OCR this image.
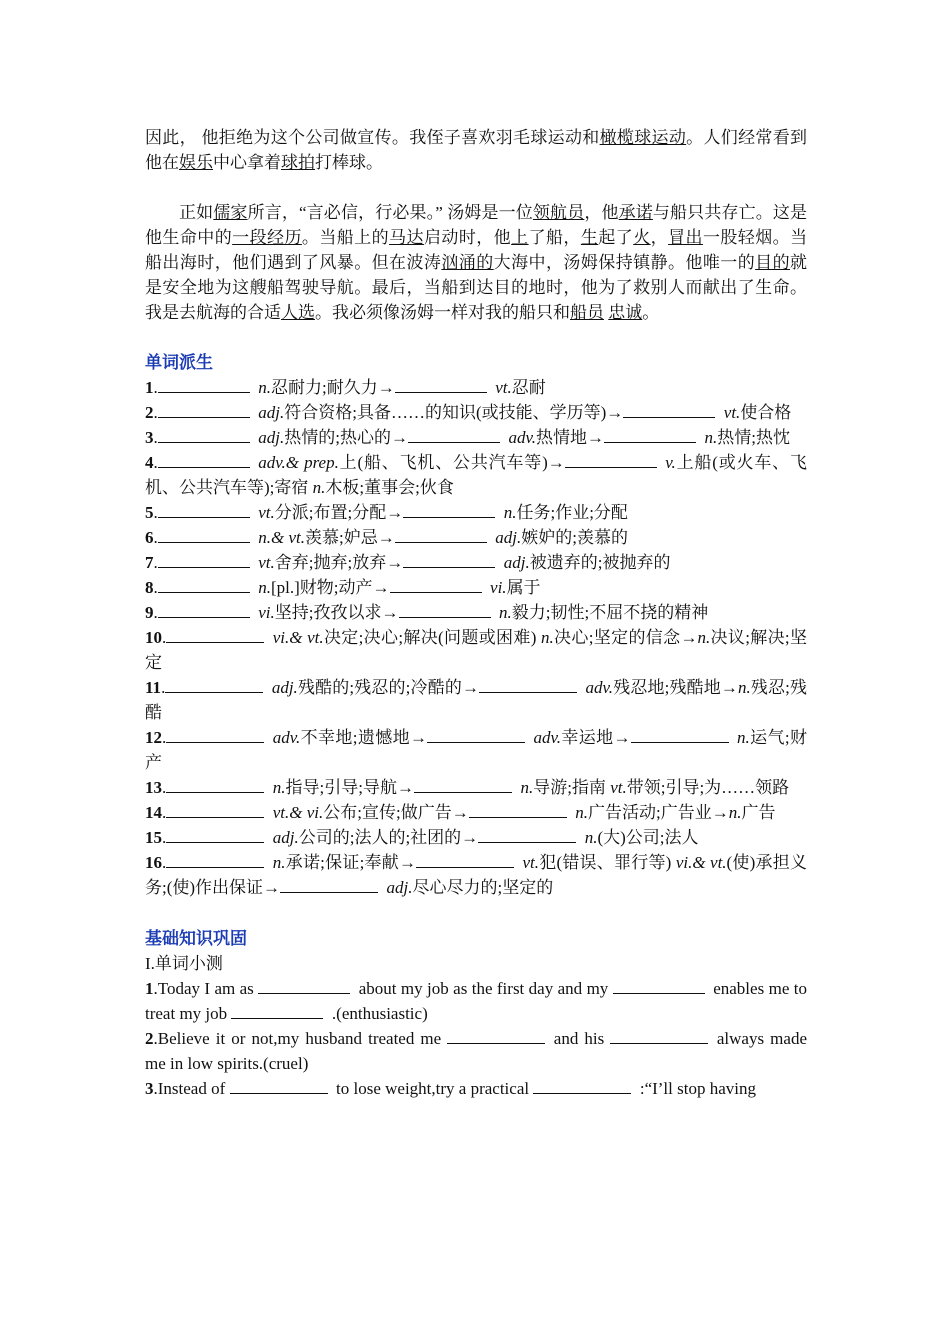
因此， 他拒绝为这个公司做宣传。我侄子喜欢羽毛球运动和橄榄球运动。人们经常看到他在娱乐中心拿着球拍打棒球。

正如儒家所言，“言必信，行必果。” 汤姆是一位领航员，他承诺与船只共存亡。这是他生命中的一段经历。当船上的马达启动时，他上了船，生起了火，冒出一股轻烟。当船出海时，他们遇到了风暴。但在波涛汹涌的大海中，汤姆保持镇静。他唯一的目的就是安全地为这艘船驾驶导航。最后，当船到达目的地时，他为了救别人而献出了生命。我是去航海的合适人选。我必须像汤姆一样对我的船只和船员 忠诚。

单词派生

1. 	n.忍耐力;耐久力→ 	vt.忍耐

2. 	adj.符合资格;具备……的知识(或技能、学历等)→ 	vt.使合格

3. 	adj.热情的;热心的→ 	adv.热情地→ 	n.热情;热忱

4. 	adv.& prep.上(船、飞机、公共汽车等)→ 	v.上船(或火车、飞机、公共汽车等);寄宿 n.木板;董事会;伙食

5. 	vt.分派;布置;分配→ 	n.任务;作业;分配

6. 	n.& vt.羡慕;妒忌→ 	adj.嫉妒的;羡慕的

7. 	vt.舍弃;抛弃;放弃→ 	adj.被遗弃的;被抛弃的

8. 	n.[pl.]财物;动产→ 	vi.属于

9. 	vi.坚持;孜孜以求→ 	n.毅力;韧性;不屈不挠的精神

10. 	vi.& vt.决定;决心;解决(问题或困难) n.决心;坚定的信念→n.决议;解决;坚定

11. 	adj.残酷的;残忍的;冷酷的→ 	adv.残忍地;残酷地→n.残忍;残酷

12. 	adv.不幸地;遗憾地→ 	adv.幸运地→ 	n.运气;财产

13. 	n.指导;引导;导航→ 	n.导游;指南 vt.带领;引导;为……领路

14. 	vt.& vi.公布;宣传;做广告→ 	n.广告活动;广告业→n.广告

15. 	adj.公司的;法人的;社团的→ 	n.(大)公司;法人

16. 	n.承诺;保证;奉献→ 	vt.犯(错误、罪行等) vi.& vt.(使)承担义务;(使)作出保证→ 	adj.尽心尽力的;坚定的

基础知识巩固
I.单词小测

1.Today I am as  	about my job as the first day and my  	enables me to treat my job  	.(enthusiastic)

2.Believe it or not,my husband treated me  	and his  	always made me in low spirits.(cruel)

3.Instead of  	to lose weight,try a practical  	:“I’ll stop having
